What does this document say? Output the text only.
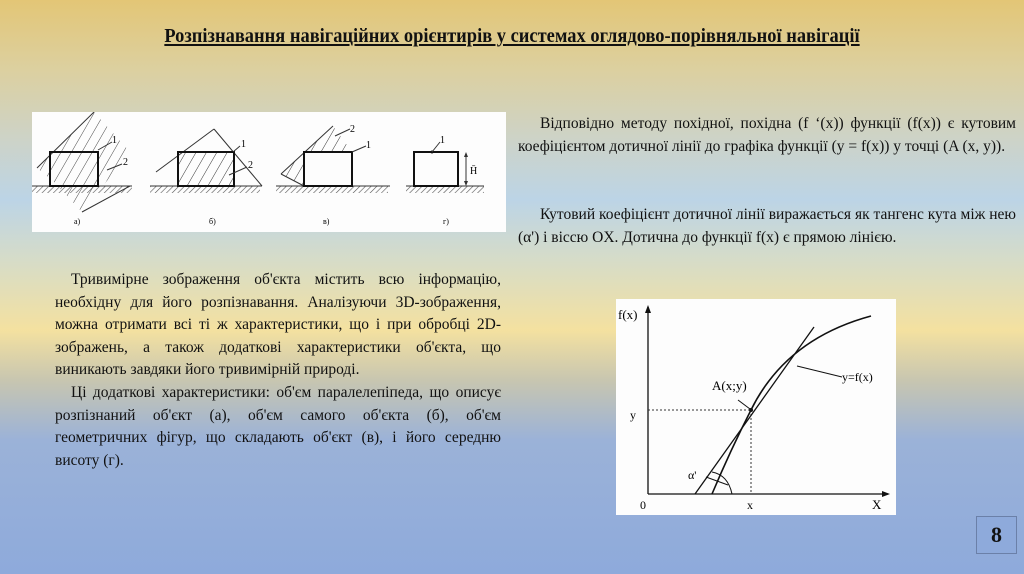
Розпізнавання навігаційних орієнтирів у системах оглядово-порівняльної навігації
1
2
а)
1
2
б)
2
1
в)
1
H̄
г)

Відповідно методу похідної, похідна (f ‘(x)) функції (f(x)) є кутовим коефіцієнтом дотичної лінії до графіка функції (y = f(x)) у точці (A (x, y)).

Кутовий коефіцієнт дотичної лінії виражається як тангенс кута між нею (α') і віссю OX. Дотична до функції f(x) є прямою лінією.

Тривимірне зображення об'єкта містить всю інформацію, необхідну для його розпізнавання. Аналізуючи 3D-зображення, можна отримати всі ті ж характеристики, що і при обробці 2D-зображень, а також додаткові характеристики об'єкта, що виникають завдяки його тривимірній природі.

Ці додаткові характеристики: об'єм паралелепіпеда, що описує розпізнаний об'єкт (а), об'єм самого об'єкта (б), об'єм геометричних фігур, що складають об'єкт (в), і його середню висоту (г).

f(x)
X
0
y
x
A(x;y)
y=f(x)
α'
8
